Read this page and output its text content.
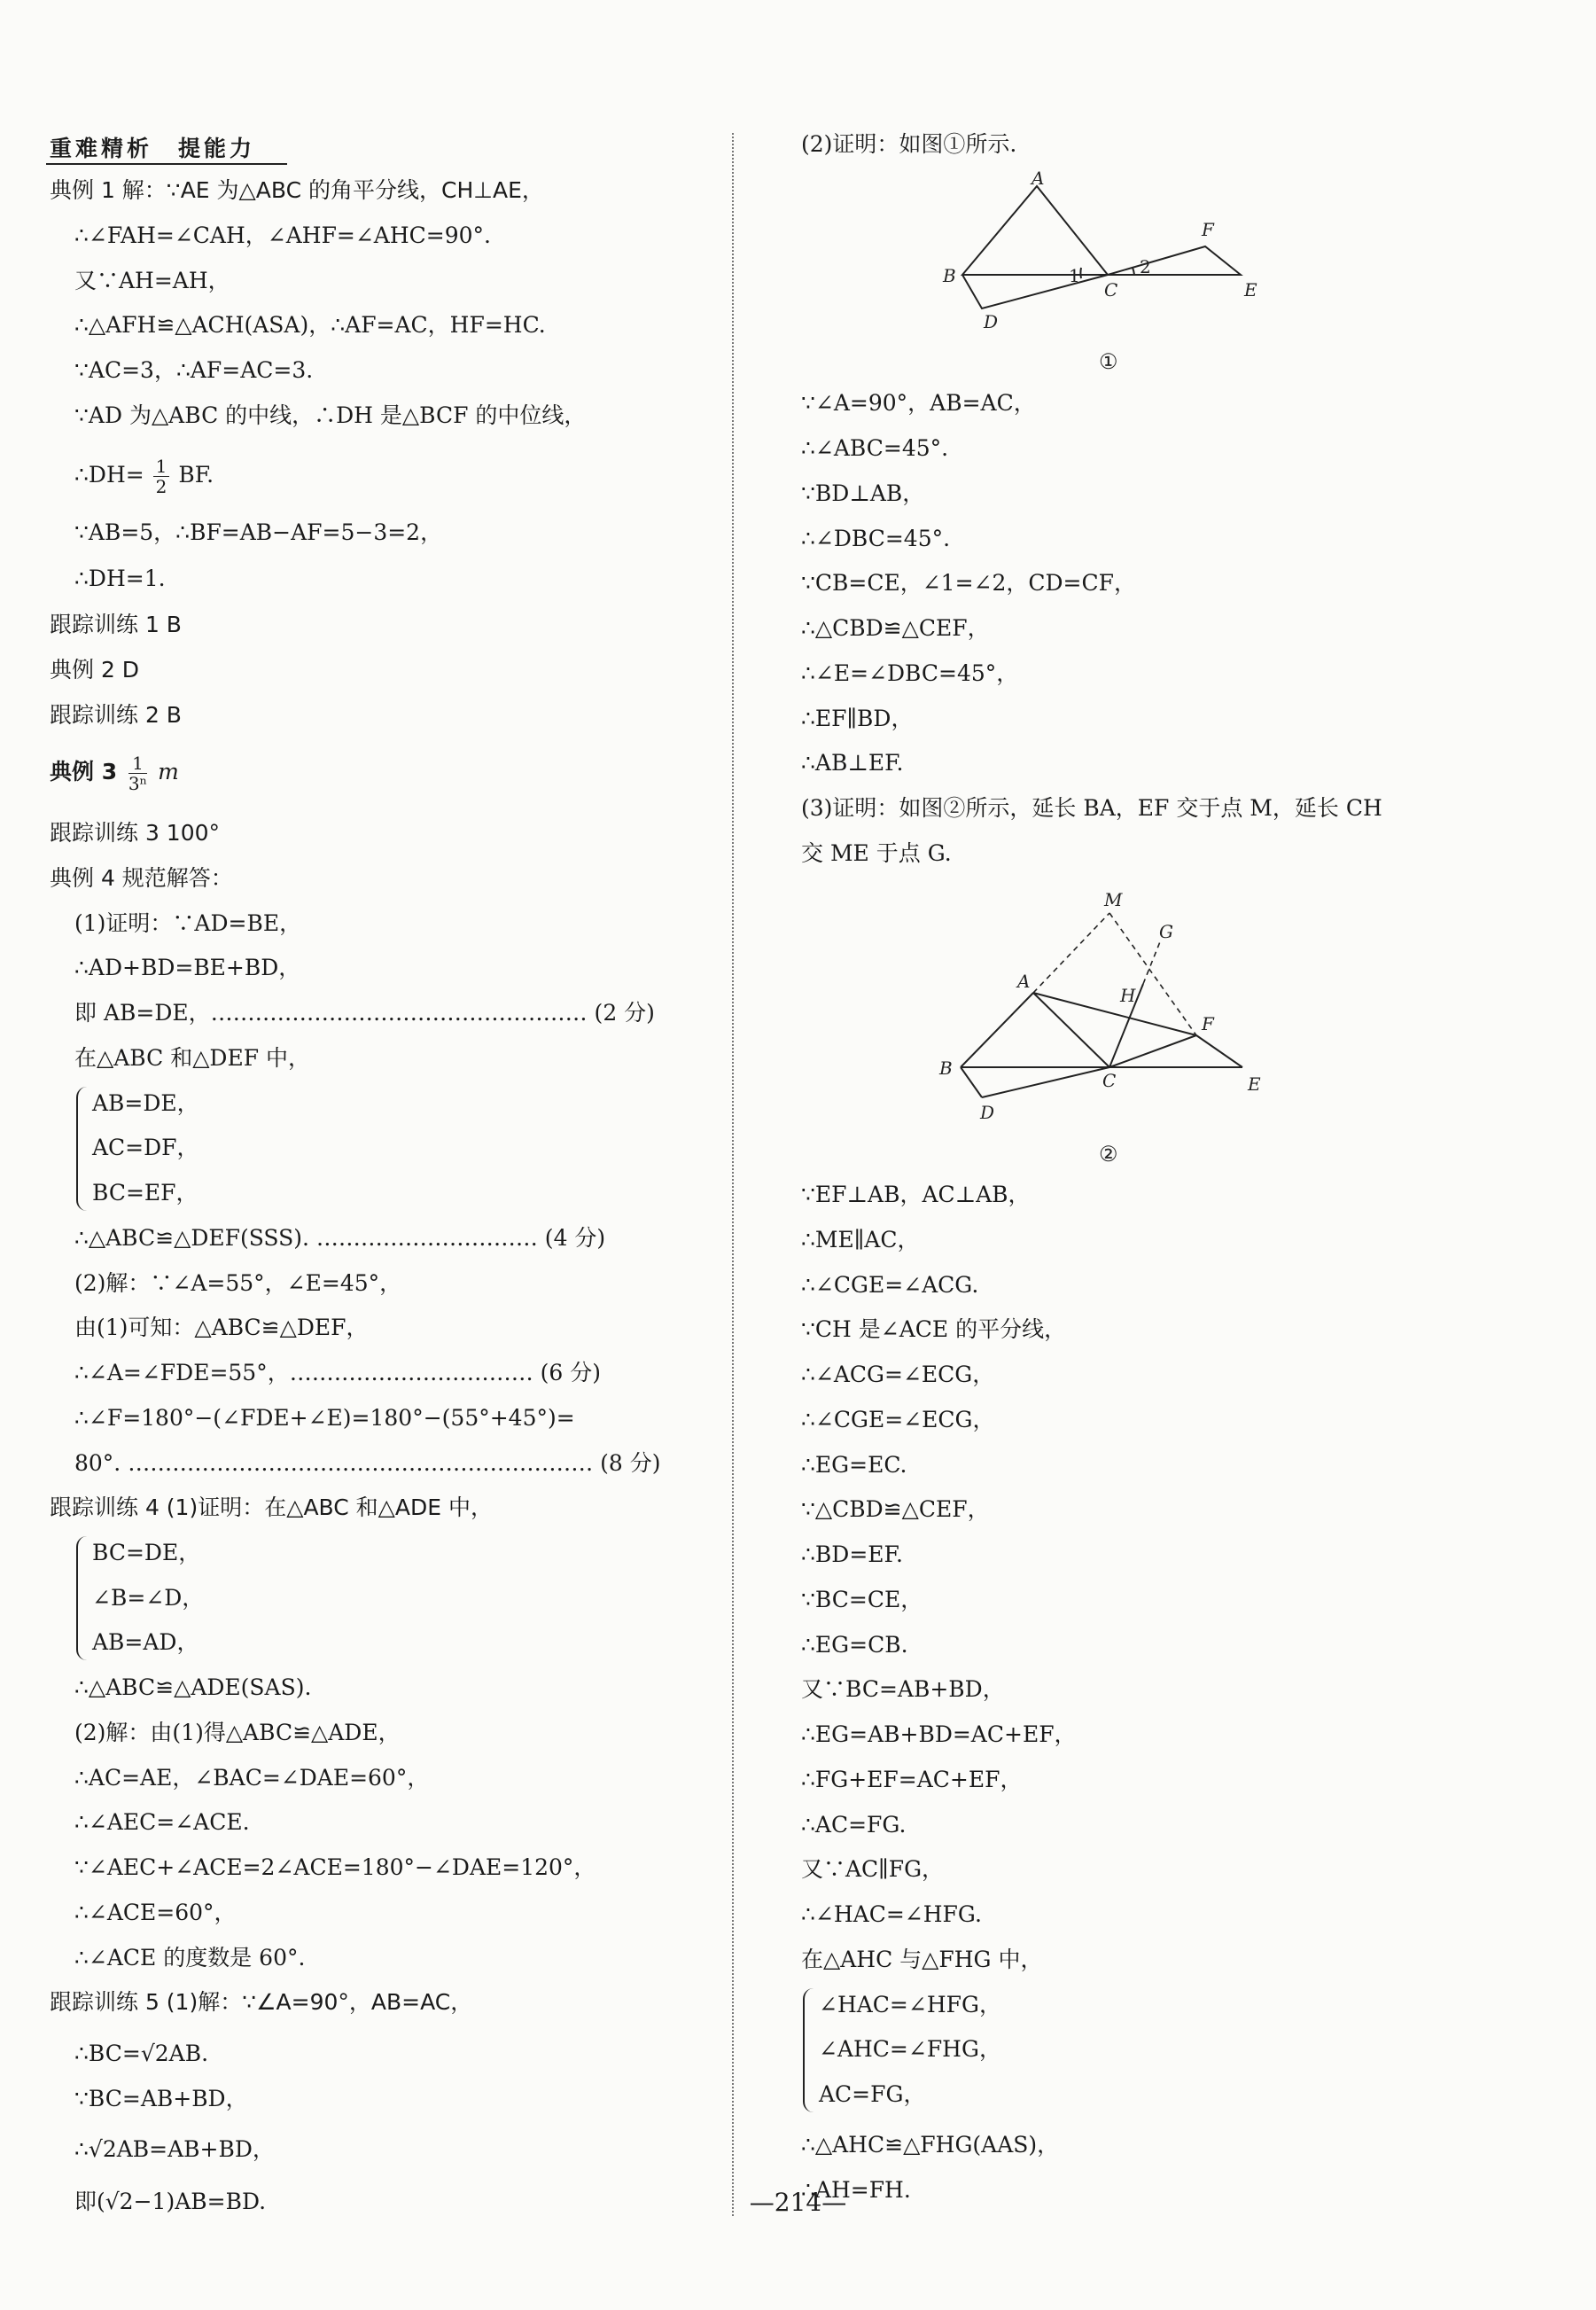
重难精析　提能力
典例 1 解：∵AE 为△ABC 的角平分线，CH⊥AE，
∴∠FAH=∠CAH，∠AHF=∠AHC=90°.
又∵AH=AH，
∴△AFH≌△ACH(ASA)，∴AF=AC，HF=HC.
∵AC=3，∴AF=AC=3.
∵AD 为△ABC 的中线，∴DH 是△BCF 的中位线，
∵AB=5，∴BF=AB−AF=5−3=2，
∴DH=1.
跟踪训练 1 B
典例 2 D
跟踪训练 2 B
跟踪训练 3 100°
典例 4 规范解答：
(1)证明：∵AD=BE，
∴AD+BD=BE+BD，
即 AB=DE，…………………………………………… (2 分)
在△ABC 和△DEF 中，
AB=DE，
AC=DF，
BC=EF，
∴△ABC≌△DEF(SSS). ………………………… (4 分)
(2)解：∵∠A=55°，∠E=45°，
由(1)可知：△ABC≌△DEF，
∴∠A=∠FDE=55°，…………………………… (6 分)
∴∠F=180°−(∠FDE+∠E)=180°−(55°+45°)=
80°. ……………………………………………………… (8 分)
跟踪训练 4 (1)证明：在△ABC 和△ADE 中，
BC=DE，
∠B=∠D，
AB=AD，
∴△ABC≌△ADE(SAS).
(2)解：由(1)得△ABC≌△ADE，
∴AC=AE，∠BAC=∠DAE=60°，
∴∠AEC=∠ACE.
∵∠AEC+∠ACE=2∠ACE=180°−∠DAE=120°，
∴∠ACE=60°，
∴∠ACE 的度数是 60°.
跟踪训练 5 (1)解：∵∠A=90°，AB=AC，
∴BC=√2AB.
∵BC=AB+BD，
∴√2AB=AB+BD，
即(√2−1)AB=BD.
∴DH= $\frac{1}{2}$ BF.
典例 $3 \frac{1}{\text{3ⁿ}}$ m
(2)证明：如图①所示.
∵∠A=90°，AB=AC，
∴∠ABC=45°.
∵BD⊥AB，
∴∠DBC=45°.
∵CB=CE，∠1=∠2，CD=CF，
∴△CBD≌△CEF，
∴∠E=∠DBC=45°，
∴EF∥BD，
∴AB⊥EF.
(3)证明：如图②所示，延长 BA，EF 交于点 M，延长 CH
交 ME 于点 G.
∵EF⊥AB，AC⊥AB，
∴ME∥AC，
∴∠CGE=∠ACG.
∵CH 是∠ACE 的平分线，
∴∠ACG=∠ECG，
∴∠CGE=∠ECG，
∴EG=EC.
∵△CBD≌△CEF，
∴BD=EF.
∵BC=CE，
∴EG=CB.
又∵BC=AB+BD，
∴EG=AB+BD=AC+EF，
∴FG+EF=AC+EF，
∴AC=FG.
又∵AC∥FG，
∴∠HAC=∠HFG.
在△AHC 与△FHG 中，
∠HAC=∠HFG，
∠AHC=∠FHG，
AC=FG，
∴△AHC≌△FHG(AAS)，
∴AH=FH.
A
B
C
D
E
F
1	2
①
M
G
A
H
F
B
C
D
E
②
—214—
